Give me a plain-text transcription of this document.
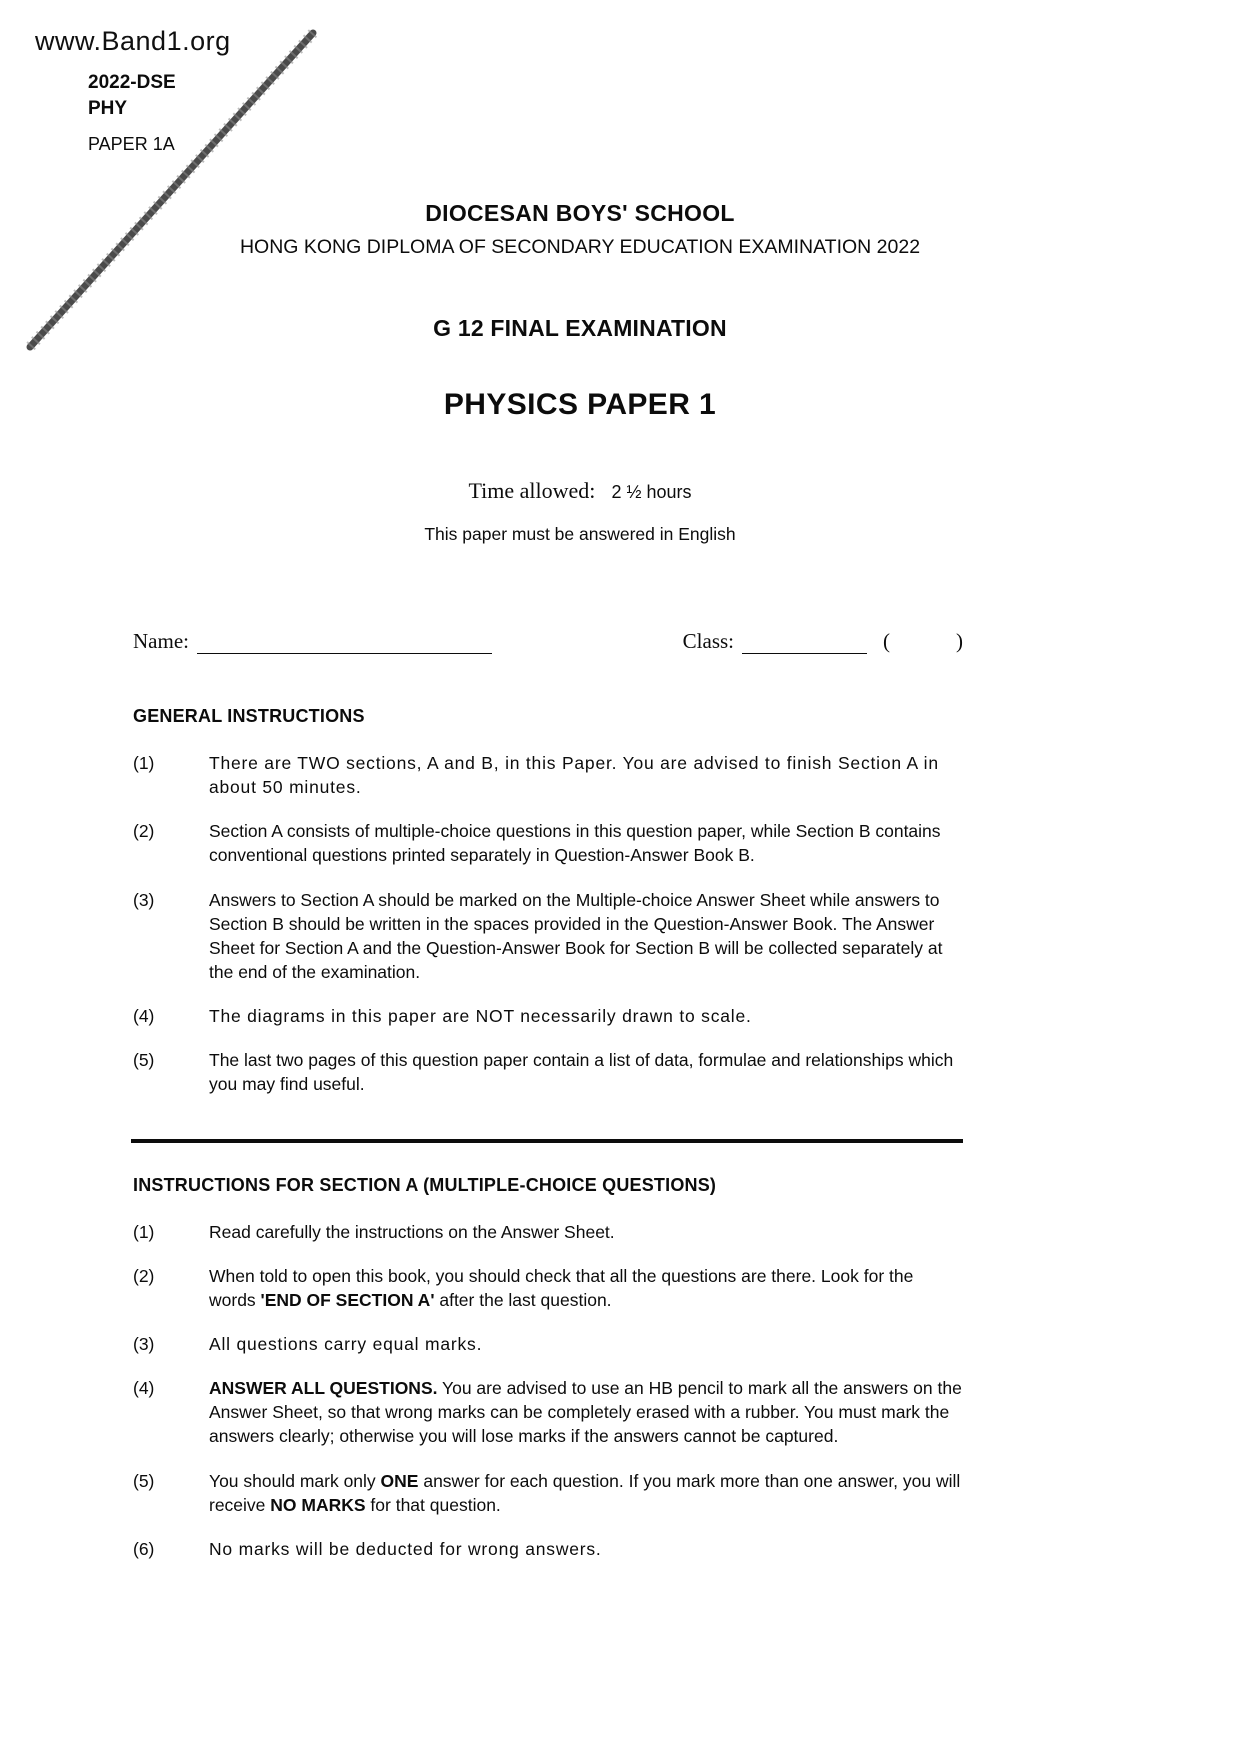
www.Band1.org
2022-DSE
PHY
PAPER 1A
DIOCESAN BOYS' SCHOOL
HONG KONG DIPLOMA OF SECONDARY EDUCATION EXAMINATION 2022
G 12 FINAL EXAMINATION
PHYSICS PAPER 1
Time allowed: 2 ½ hours
This paper must be answered in English
Name:	Class:	(	)
GENERAL INSTRUCTIONS
(1)	There are TWO sections, A and B, in this Paper. You are advised to finish Section A in about 50 minutes.
(2)	Section A consists of multiple-choice questions in this question paper, while Section B contains conventional questions printed separately in Question-Answer Book B.
(3)	Answers to Section A should be marked on the Multiple-choice Answer Sheet while answers to Section B should be written in the spaces provided in the Question-Answer Book. The Answer Sheet for Section A and the Question-Answer Book for Section B will be collected separately at the end of the examination.
(4)	The diagrams in this paper are NOT necessarily drawn to scale.
(5)	The last two pages of this question paper contain a list of data, formulae and relationships which you may find useful.
INSTRUCTIONS FOR SECTION A (MULTIPLE-CHOICE QUESTIONS)
(1)	Read carefully the instructions on the Answer Sheet.
(2)	When told to open this book, you should check that all the questions are there. Look for the words 'END OF SECTION A' after the last question.
(3)	All questions carry equal marks.
(4)	ANSWER ALL QUESTIONS. You are advised to use an HB pencil to mark all the answers on the Answer Sheet, so that wrong marks can be completely erased with a rubber. You must mark the answers clearly; otherwise you will lose marks if the answers cannot be captured.
(5)	You should mark only ONE answer for each question. If you mark more than one answer, you will receive NO MARKS for that question.
(6)	No marks will be deducted for wrong answers.
